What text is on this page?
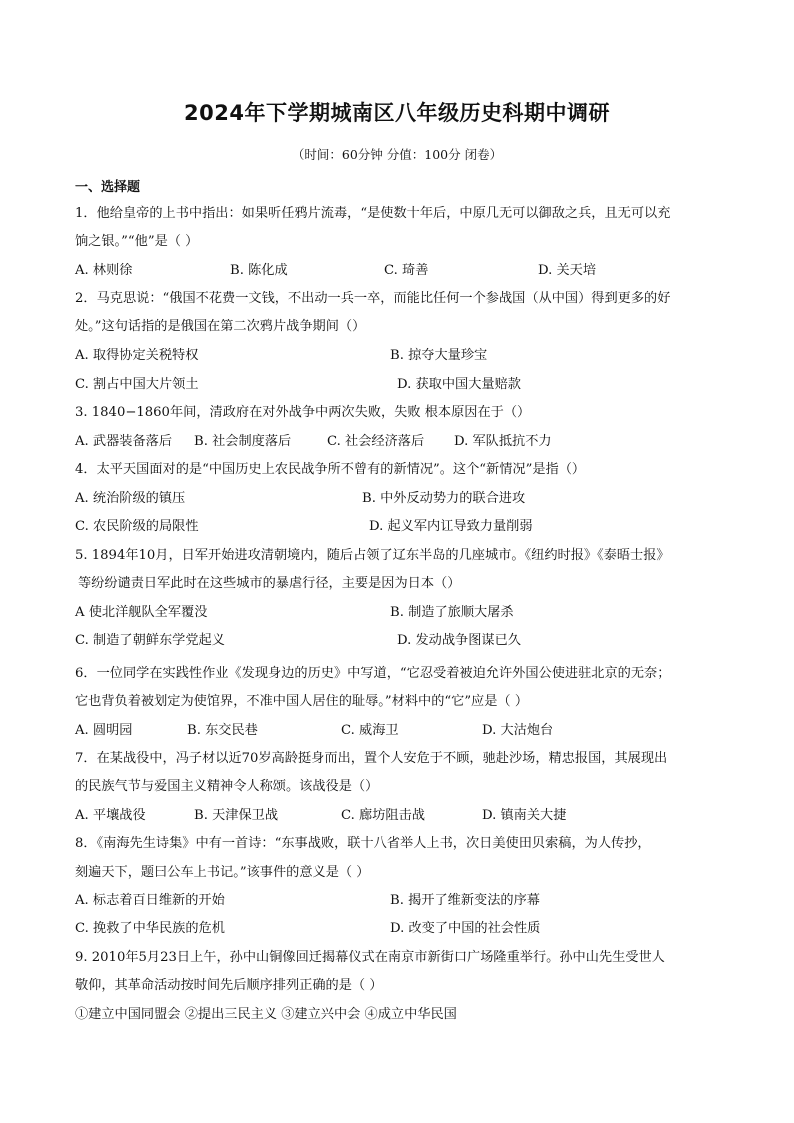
2024年下学期城南区八年级历史科期中调研
（时间：60分钟 分值：100分 闭卷）
一、选择题
1．他给皇帝的上书中指出：如果听任鸦片流毒，“是使数十年后，中原几无可以御敌之兵，且无可以充
饷之银。”“他”是（ ）
A. 林则徐	B. 陈化成	C. 琦善	D. 关天培
2．马克思说：“俄国不花费一文钱，不出动一兵一卒，而能比任何一个参战国（从中国）得到更多的好
处。”这句话指的是俄国在第二次鸦片战争期间（）
A. 取得协定关税特权	B. 掠夺大量珍宝
C. 割占中国大片领土	D. 获取中国大量赔款
3. 1840−1860年间，清政府在对外战争中两次失败，失败 根本原因在于（）
A. 武器装备落后 B. 社会制度落后	C. 社会经济落后 D. 军队抵抗不力
4．太平天国面对的是“中国历史上农民战争所不曾有的新情况”。这个“新情况”是指（）
A. 统治阶级的镇压	B. 中外反动势力的联合进攻
C. 农民阶级的局限性	D. 起义军内讧导致力量削弱
5. 1894年10月，日军开始进攻清朝境内，随后占领了辽东半岛的几座城市。《纽约时报》《泰晤士报》
等纷纷谴责日军此时在这些城市的暴虐行径，主要是因为日本（）
A 使北洋舰队全军覆没	B. 制造了旅顺大屠杀
C. 制造了朝鲜东学党起义	D. 发动战争图谋已久
6．一位同学在实践性作业《发现身边的历史》中写道，“它忍受着被迫允许外国公使进驻北京的无奈；
它也背负着被划定为使馆界，不准中国人居住的耻辱。”材料中的“它”应是（ ）
A. 圆明园	B. 东交民巷	C. 威海卫	D. 大沽炮台
7．在某战役中，冯子材以近70岁高龄挺身而出，置个人安危于不顾，驰赴沙场，精忠报国，其展现出
的民族气节与爱国主义精神令人称颂。该战役是（）
A. 平壤战役	B. 天津保卫战	C. 廊坊阻击战	D. 镇南关大捷
8．《南海先生诗集》中有一首诗：“东事战败，联十八省举人上书，次日美使田贝索稿，为人传抄，
刻遍天下，题曰公车上书记。”该事件的意义是（ ）
A. 标志着百日维新的开始	B. 揭开了维新变法的序幕
C. 挽救了中华民族的危机	D. 改变了中国的社会性质
9. 2010年5月23日上午，孙中山铜像回迁揭幕仪式在南京市新街口广场隆重举行。孙中山先生受世人
敬仰，其革命活动按时间先后顺序排列正确的是（ ）
①建立中国同盟会 ②提出三民主义 ③建立兴中会 ④成立中华民国
